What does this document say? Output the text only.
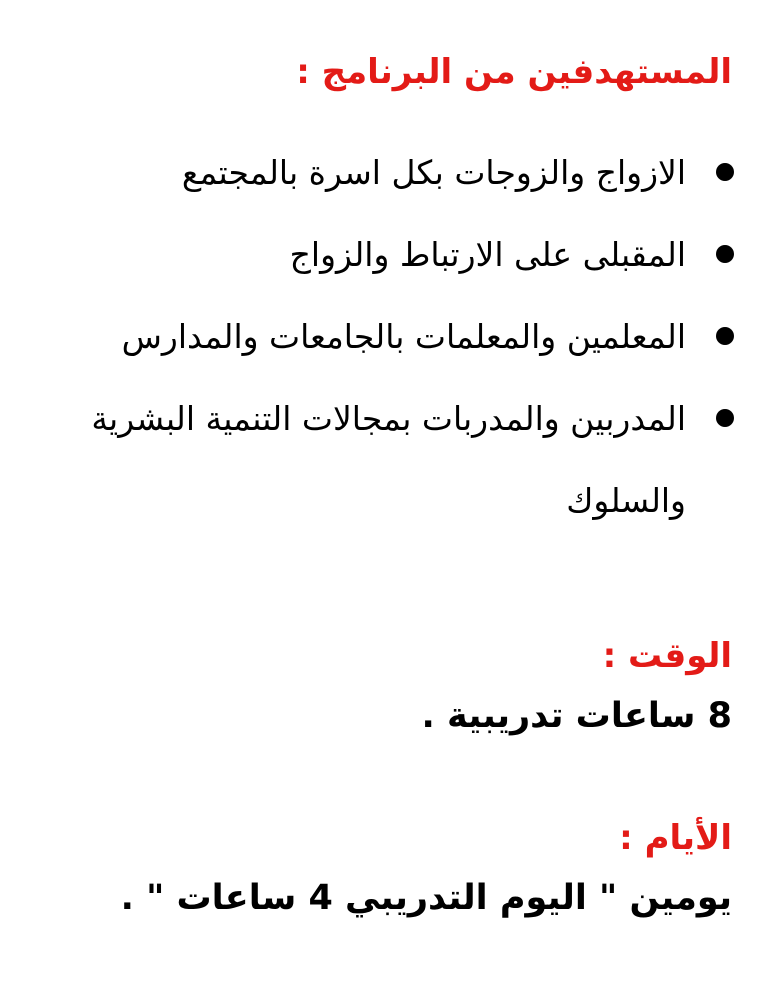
المستهدفين من البرنامج :
الازواج والزوجات بكل اسرة بالمجتمع
المقبلى على الارتباط والزواج
المعلمين والمعلمات بالجامعات والمدارس
المدربين والمدربات بمجالات التنمية البشرية والسلوك
الوقت :

8 ساعات تدريبية .

الأيام :

يومين " اليوم التدريبي 4 ساعات " .
